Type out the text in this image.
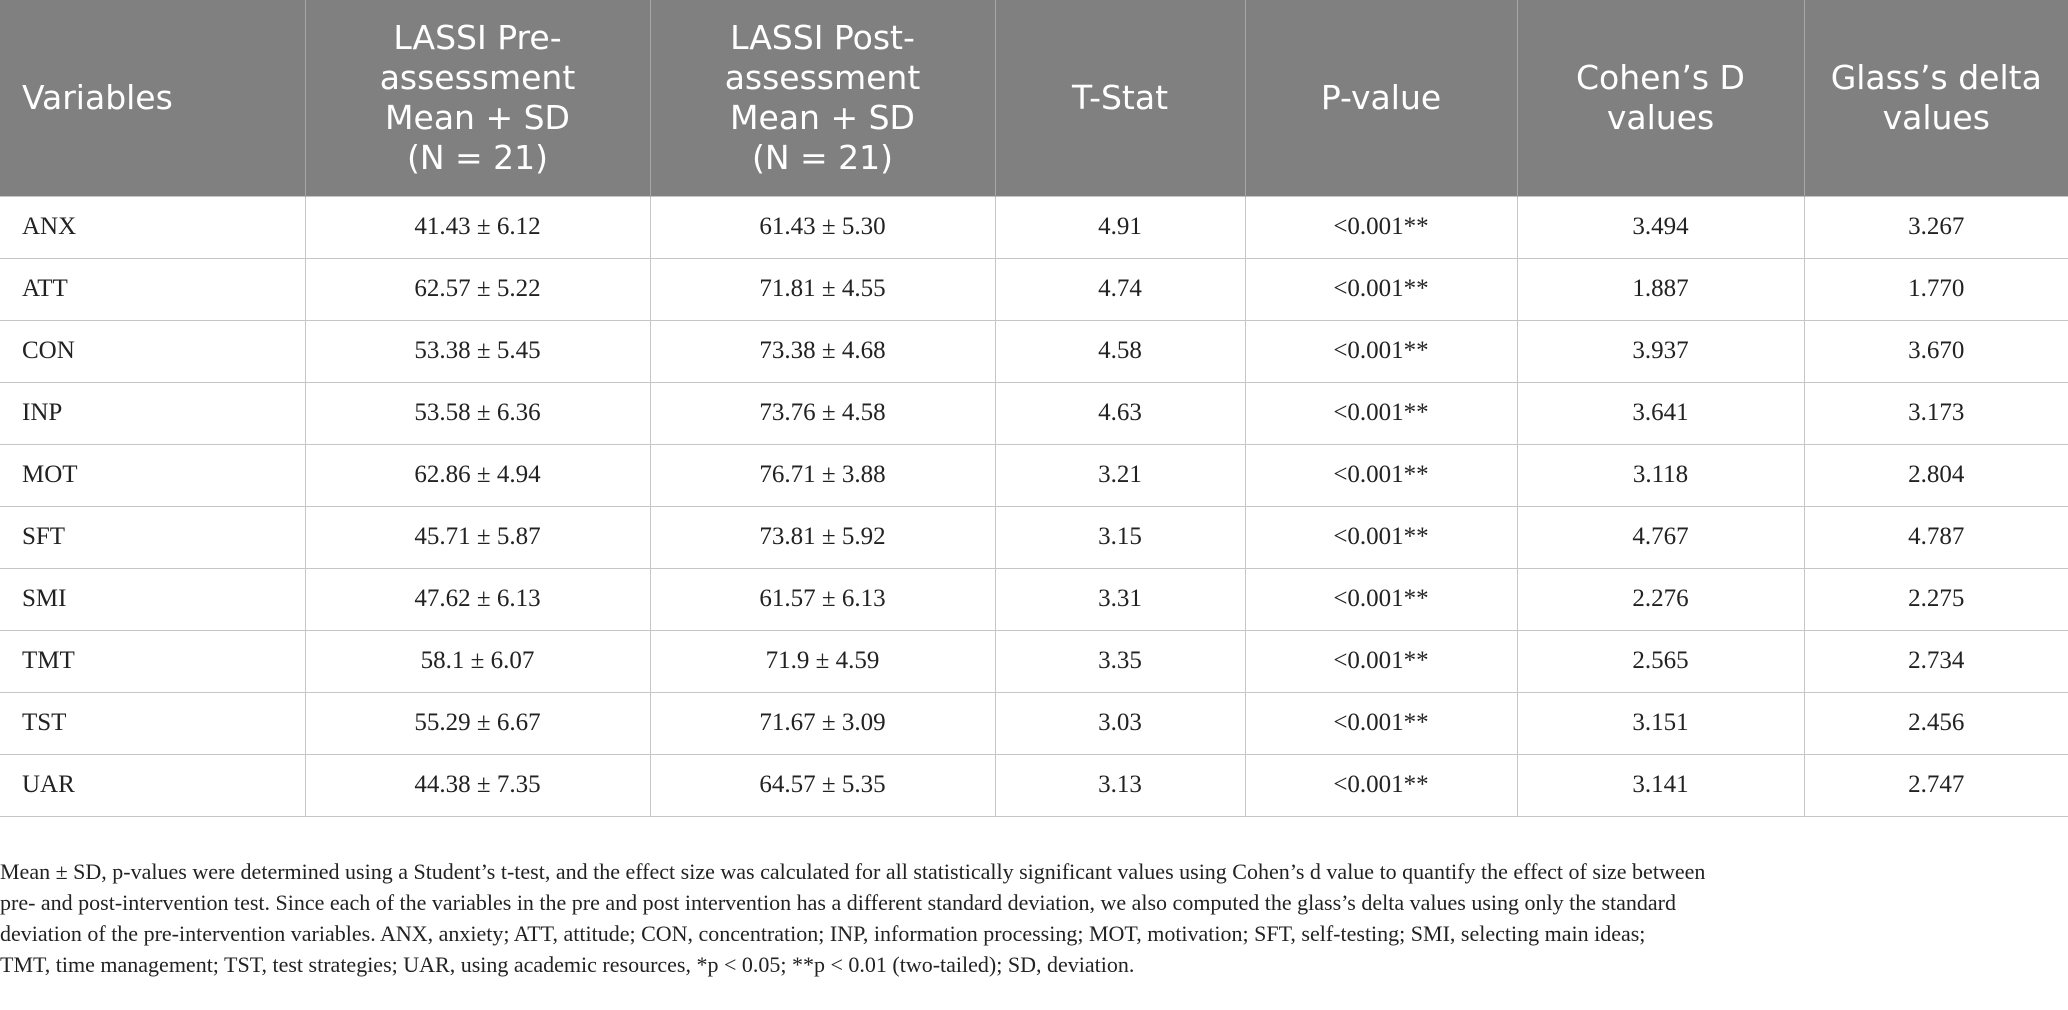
Variables	LASSI Pre-
assessment
Mean + SD
(N = 21)	LASSI Post-
assessment
Mean + SD
(N = 21)	T-Stat	P-value	Cohen’s D
values	Glass’s delta
values

ANX	41.43 ± 6.12	61.43 ± 5.30	4.91	<0.001**	3.494	3.267
ATT	62.57 ± 5.22	71.81 ± 4.55	4.74	<0.001**	1.887	1.770
CON	53.38 ± 5.45	73.38 ± 4.68	4.58	<0.001**	3.937	3.670
INP	53.58 ± 6.36	73.76 ± 4.58	4.63	<0.001**	3.641	3.173
MOT	62.86 ± 4.94	76.71 ± 3.88	3.21	<0.001**	3.118	2.804
SFT	45.71 ± 5.87	73.81 ± 5.92	3.15	<0.001**	4.767	4.787
SMI	47.62 ± 6.13	61.57 ± 6.13	3.31	<0.001**	2.276	2.275
TMT	58.1 ± 6.07	71.9 ± 4.59	3.35	<0.001**	2.565	2.734
TST	55.29 ± 6.67	71.67 ± 3.09	3.03	<0.001**	3.151	2.456
UAR	44.38 ± 7.35	64.57 ± 5.35	3.13	<0.001**	3.141	2.747
Mean ± SD, p-values were determined using a Student’s t-test, and the effect size was calculated for all statistically significant values using Cohen’s d value to quantify the effect of size between
pre- and post-intervention test. Since each of the variables in the pre and post intervention has a different standard deviation, we also computed the glass’s delta values using only the standard
deviation of the pre-intervention variables. ANX, anxiety; ATT, attitude; CON, concentration; INP, information processing; MOT, motivation; SFT, self-testing; SMI, selecting main ideas;
TMT, time management; TST, test strategies; UAR, using academic resources, *p < 0.05; **p < 0.01 (two-tailed); SD, deviation.
